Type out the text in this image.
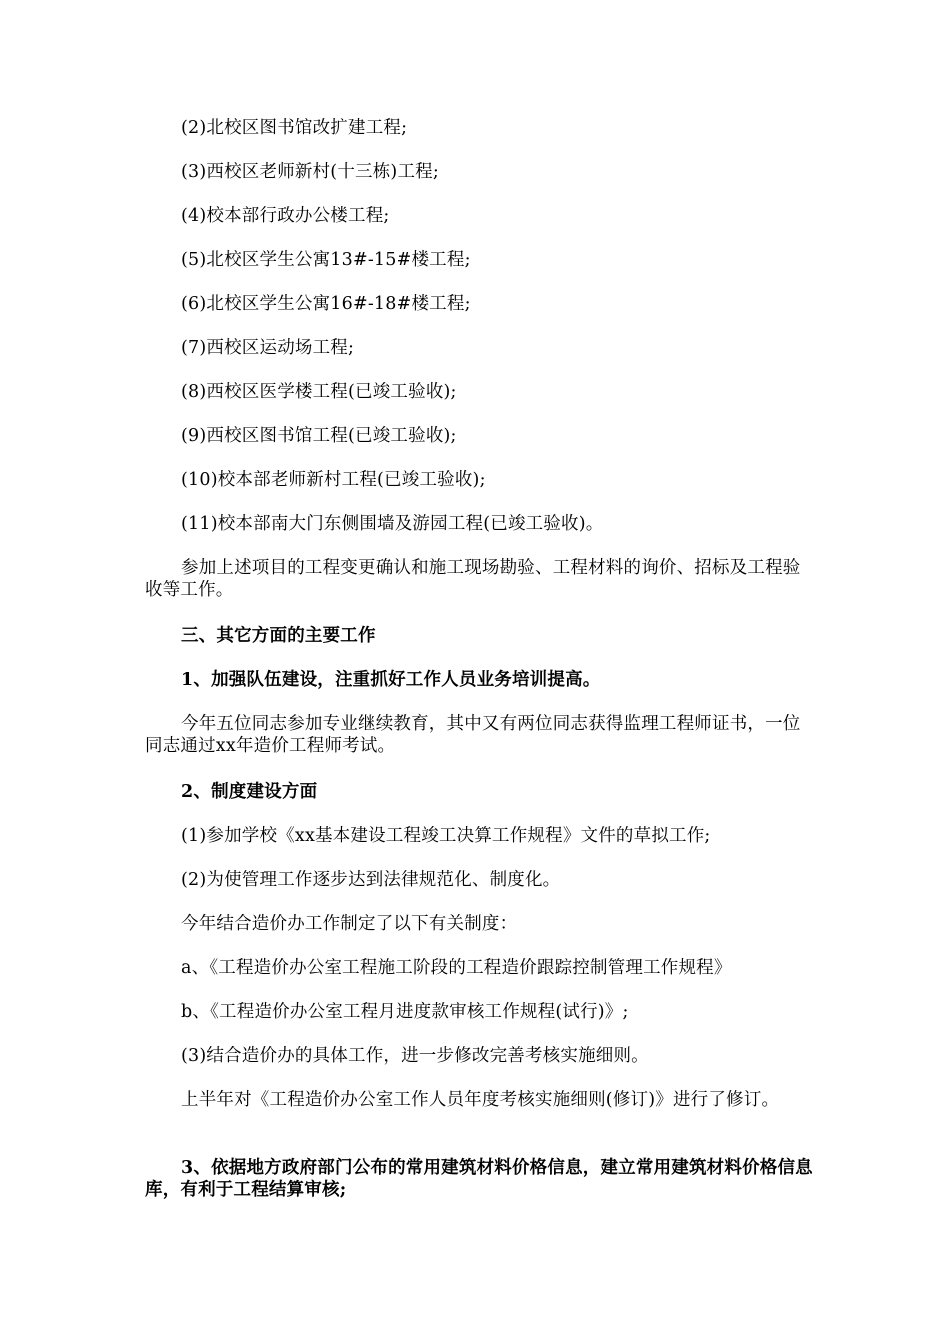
(2)北校区图书馆改扩建工程;
(3)西校区老师新村(十三栋)工程;
(4)校本部行政办公楼工程;
(5)北校区学生公寓13#-15#楼工程;
(6)北校区学生公寓16#-18#楼工程;
(7)西校区运动场工程;
(8)西校区医学楼工程(已竣工验收);
(9)西校区图书馆工程(已竣工验收);
(10)校本部老师新村工程(已竣工验收);
(11)校本部南大门东侧围墙及游园工程(已竣工验收)。
参加上述项目的工程变更确认和施工现场勘验、工程材料的询价、招标及工程验收等工作。
三、其它方面的主要工作
1、加强队伍建设，注重抓好工作人员业务培训提高。
今年五位同志参加专业继续教育，其中又有两位同志获得监理工程师证书，一位同志通过xx年造价工程师考试。
2、制度建设方面
(1)参加学校《xx基本建设工程竣工决算工作规程》文件的草拟工作;
(2)为使管理工作逐步达到法律规范化、制度化。
今年结合造价办工作制定了以下有关制度：
a、《工程造价办公室工程施工阶段的工程造价跟踪控制管理工作规程》
b、《工程造价办公室工程月进度款审核工作规程(试行)》;
(3)结合造价办的具体工作，进一步修改完善考核实施细则。
上半年对《工程造价办公室工作人员年度考核实施细则(修订)》进行了修订。
3、依据地方政府部门公布的常用建筑材料价格信息，建立常用建筑材料价格信息库，有利于工程结算审核;
